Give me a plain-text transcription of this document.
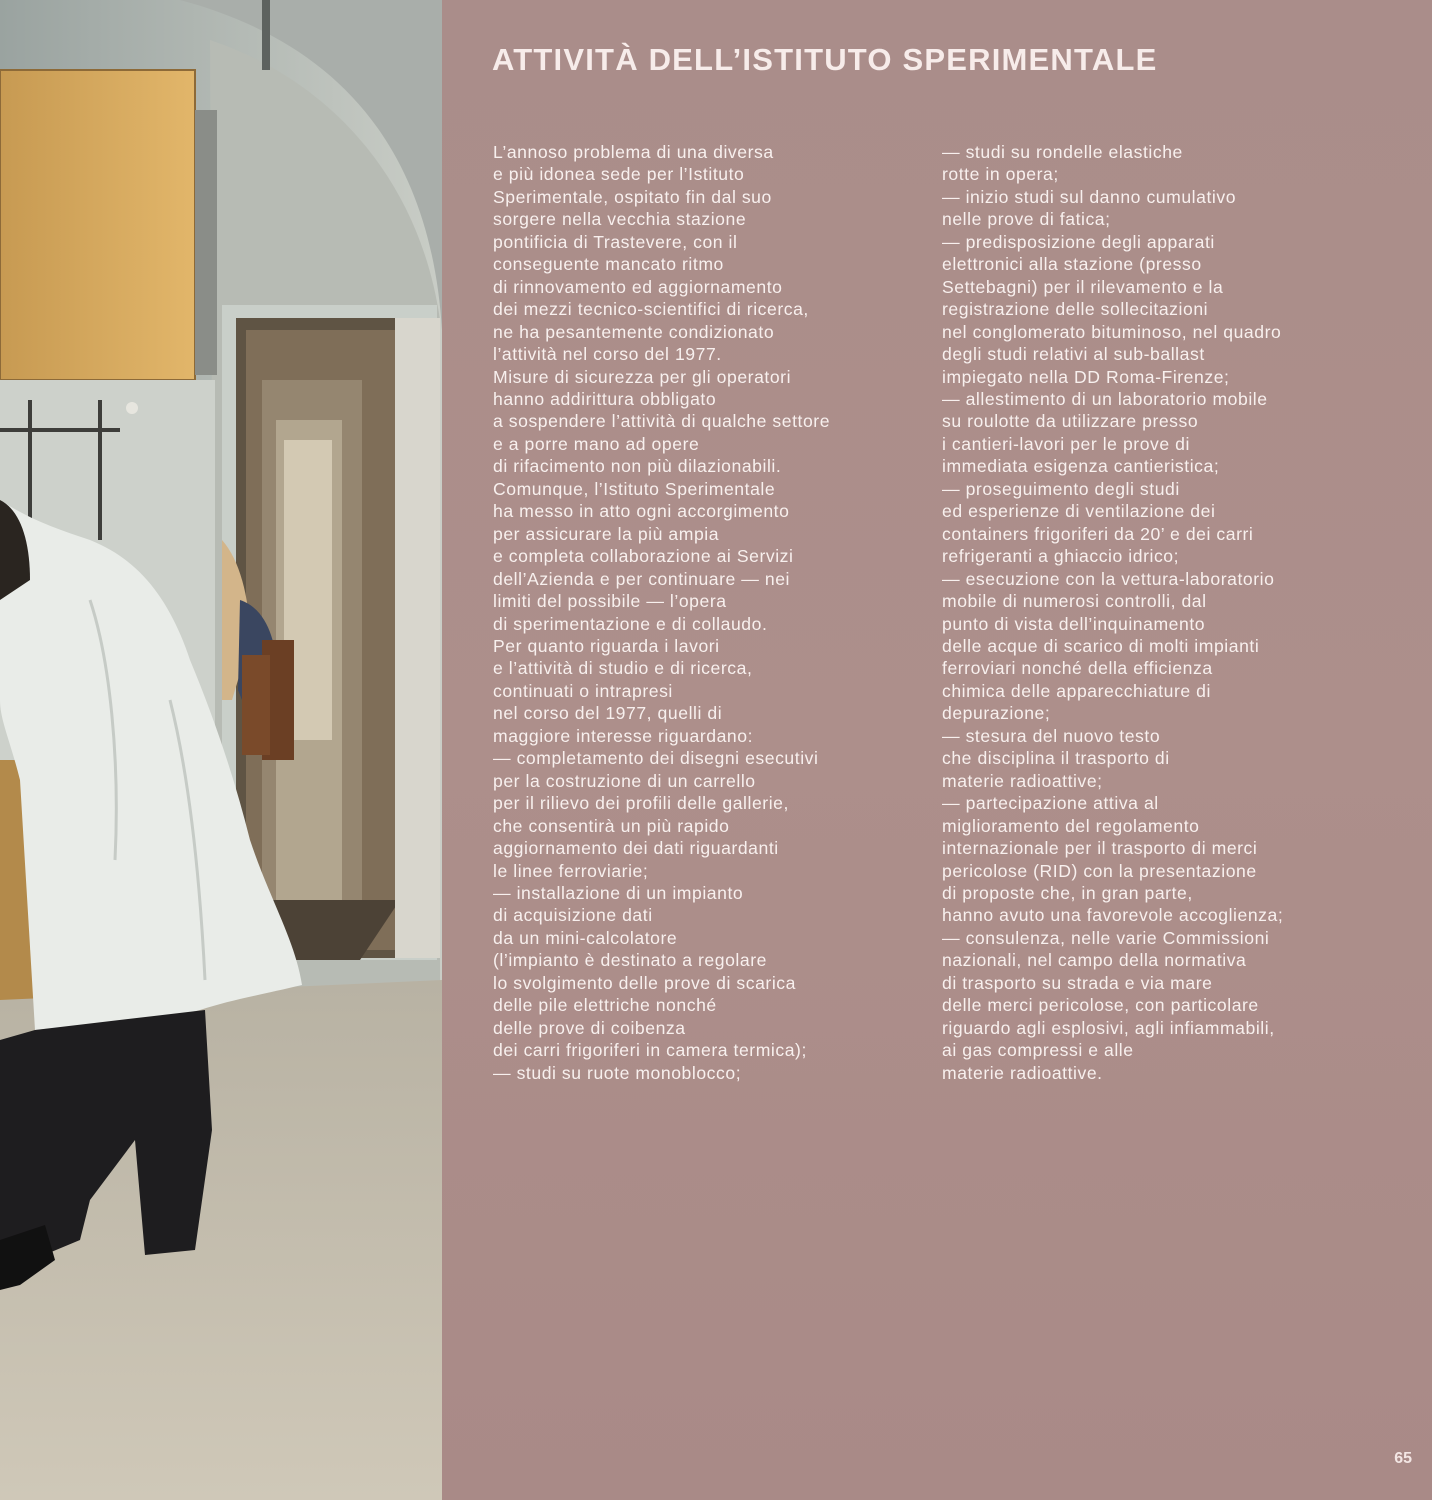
ATTIVITÀ DELL’ISTITUTO SPERIMENTALE
L’annoso problema di una diversa
e più idonea sede per l’Istituto
Sperimentale, ospitato fin dal suo
sorgere nella vecchia stazione
pontificia di Trastevere, con il
conseguente mancato ritmo
di rinnovamento ed aggiornamento
dei mezzi tecnico-scientifici di ricerca,
ne ha pesantemente condizionato
l’attività nel corso del 1977.
Misure di sicurezza per gli operatori
hanno addirittura obbligato
a sospendere l’attività di qualche settore
e a porre mano ad opere
di rifacimento non più dilazionabili.
Comunque, l’Istituto Sperimentale
ha messo in atto ogni accorgimento
per assicurare la più ampia
e completa collaborazione ai Servizi
dell’Azienda e per continuare — nei
limiti del possibile — l’opera
di sperimentazione e di collaudo.
Per quanto riguarda i lavori
e l’attività di studio e di ricerca,
continuati o intrapresi
nel corso del 1977, quelli di
maggiore interesse riguardano:
— completamento dei disegni esecutivi
per la costruzione di un carrello
per il rilievo dei profili delle gallerie,
che consentirà un più rapido
aggiornamento dei dati riguardanti
le linee ferroviarie;
— installazione di un impianto
di acquisizione dati
da un mini-calcolatore
(l’impianto è destinato a regolare
lo svolgimento delle prove di scarica
delle pile elettriche nonché
delle prove di coibenza
dei carri frigoriferi in camera termica);
— studi su ruote monoblocco;
— studi su rondelle elastiche
rotte in opera;
— inizio studi sul danno cumulativo
nelle prove di fatica;
— predisposizione degli apparati
elettronici alla stazione (presso
Settebagni) per il rilevamento e la
registrazione delle sollecitazioni
nel conglomerato bituminoso, nel quadro
degli studi relativi al sub-ballast
impiegato nella DD Roma-Firenze;
— allestimento di un laboratorio mobile
su roulotte da utilizzare presso
i cantieri-lavori per le prove di
immediata esigenza cantieristica;
— proseguimento degli studi
ed esperienze di ventilazione dei
containers frigoriferi da 20’ e dei carri
refrigeranti a ghiaccio idrico;
— esecuzione con la vettura-laboratorio
mobile di numerosi controlli, dal
punto di vista dell’inquinamento
delle acque di scarico di molti impianti
ferroviari nonché della efficienza
chimica delle apparecchiature di
depurazione;
— stesura del nuovo testo
che disciplina il trasporto di
materie radioattive;
— partecipazione attiva al
miglioramento del regolamento
internazionale per il trasporto di merci
pericolose (RID) con la presentazione
di proposte che, in gran parte,
hanno avuto una favorevole accoglienza;
— consulenza, nelle varie Commissioni
nazionali, nel campo della normativa
di trasporto su strada e via mare
delle merci pericolose, con particolare
riguardo agli esplosivi, agli infiammabili,
ai gas compressi e alle
materie radioattive.
65
